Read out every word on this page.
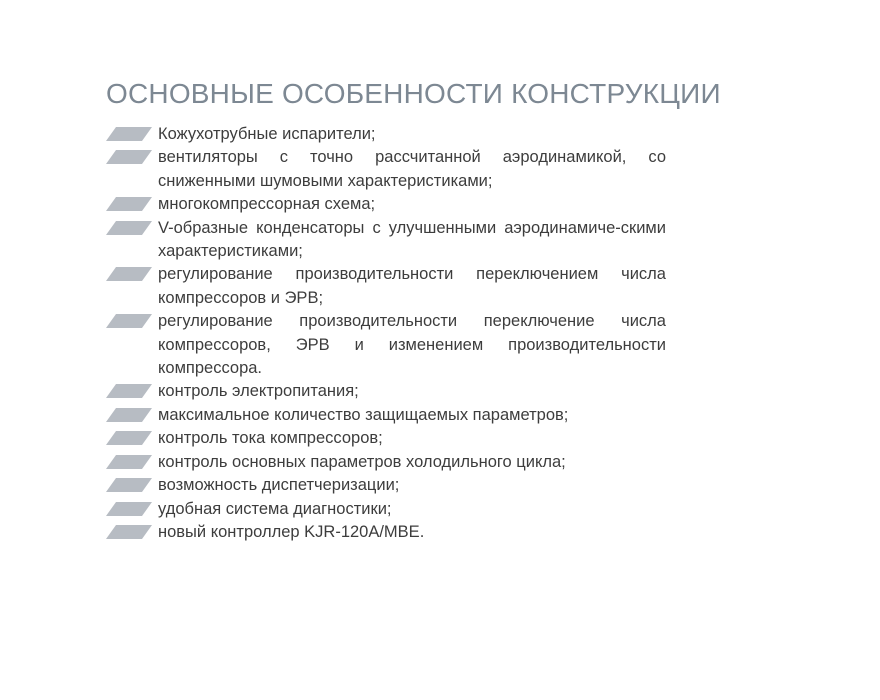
ОСНОВНЫЕ ОСОБЕННОСТИ КОНСТРУКЦИИ
Кожухотрубные испарители;
вентиляторы с точно рассчитанной аэродинамикой, со сниженными шумовыми характеристиками;
многокомпрессорная схема;
V-образные конденсаторы с улучшенными аэродинамиче-скими характеристиками;
регулирование производительности переключением числа компрессоров и ЭРВ;
регулирование производительности переключение числа компрессоров, ЭРВ и изменением производительности компрессора.
контроль электропитания;
максимальное количество защищаемых параметров;
контроль тока компрессоров;
контроль основных параметров холодильного цикла;
возможность диспетчеризации;
удобная система диагностики;
новый контроллер KJR-120A/MBE.
